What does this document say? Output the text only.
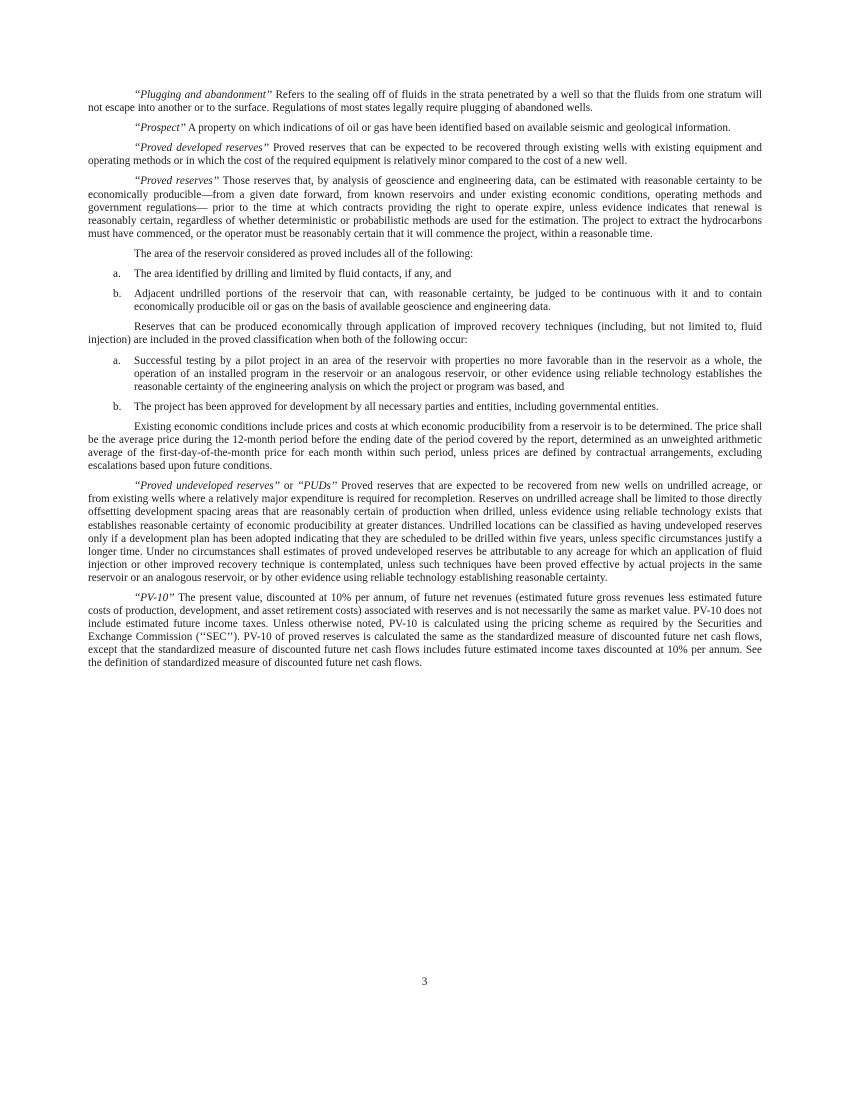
‘‘Plugging and abandonment’’ Refers to the sealing off of fluids in the strata penetrated by a well so that the fluids from one stratum will not escape into another or to the surface. Regulations of most states legally require plugging of abandoned wells.

‘‘Prospect’’ A property on which indications of oil or gas have been identified based on available seismic and geological information.

‘‘Proved developed reserves’’ Proved reserves that can be expected to be recovered through existing wells with existing equipment and operating methods or in which the cost of the required equipment is relatively minor compared to the cost of a new well.

‘‘Proved reserves’’ Those reserves that, by analysis of geoscience and engineering data, can be estimated with reasonable certainty to be economically producible—from a given date forward, from known reservoirs and under existing economic conditions, operating methods and government regulations— prior to the time at which contracts providing the right to operate expire, unless evidence indicates that renewal is reasonably certain, regardless of whether deterministic or probabilistic methods are used for the estimation. The project to extract the hydrocarbons must have commenced, or the operator must be reasonably certain that it will commence the project, within a reasonable time.

The area of the reservoir considered as proved includes all of the following:

a.	The area identified by drilling and limited by fluid contacts, if any, and
b.	Adjacent undrilled portions of the reservoir that can, with reasonable certainty, be judged to be continuous with it and to contain economically producible oil or gas on the basis of available geoscience and engineering data.

Reserves that can be produced economically through application of improved recovery techniques (including, but not limited to, fluid injection) are included in the proved classification when both of the following occur:

a.	Successful testing by a pilot project in an area of the reservoir with properties no more favorable than in the reservoir as a whole, the operation of an installed program in the reservoir or an analogous reservoir, or other evidence using reliable technology establishes the reasonable certainty of the engineering analysis on which the project or program was based, and
b.	The project has been approved for development by all necessary parties and entities, including governmental entities.

Existing economic conditions include prices and costs at which economic producibility from a reservoir is to be determined. The price shall be the average price during the 12-month period before the ending date of the period covered by the report, determined as an unweighted arithmetic average of the first-day-of-the-month price for each month within such period, unless prices are defined by contractual arrangements, excluding escalations based upon future conditions.

‘‘Proved undeveloped reserves’’ or ‘‘PUDs’’ Proved reserves that are expected to be recovered from new wells on undrilled acreage, or from existing wells where a relatively major expenditure is required for recompletion. Reserves on undrilled acreage shall be limited to those directly offsetting development spacing areas that are reasonably certain of production when drilled, unless evidence using reliable technology exists that establishes reasonable certainty of economic producibility at greater distances. Undrilled locations can be classified as having undeveloped reserves only if a development plan has been adopted indicating that they are scheduled to be drilled within five years, unless specific circumstances justify a longer time. Under no circumstances shall estimates of proved undeveloped reserves be attributable to any acreage for which an application of fluid injection or other improved recovery technique is contemplated, unless such techniques have been proved effective by actual projects in the same reservoir or an analogous reservoir, or by other evidence using reliable technology establishing reasonable certainty.

‘‘PV-10’’ The present value, discounted at 10% per annum, of future net revenues (estimated future gross revenues less estimated future costs of production, development, and asset retirement costs) associated with reserves and is not necessarily the same as market value. PV-10 does not include estimated future income taxes. Unless otherwise noted, PV-10 is calculated using the pricing scheme as required by the Securities and Exchange Commission (‘‘SEC’’). PV-10 of proved reserves is calculated the same as the standardized measure of discounted future net cash flows, except that the standardized measure of discounted future net cash flows includes future estimated income taxes discounted at 10% per annum. See the definition of standardized measure of discounted future net cash flows.

3
